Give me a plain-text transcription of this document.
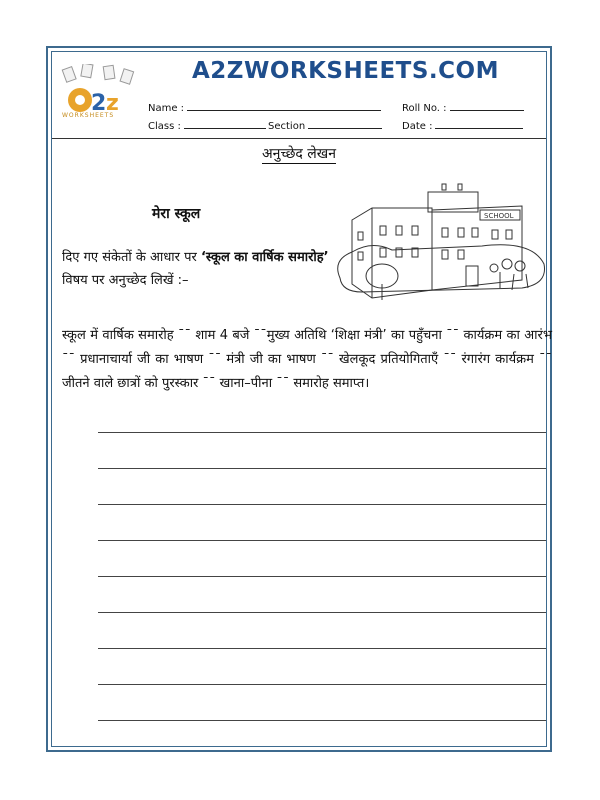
2 z
WORKSHEETS
A2ZWORKSHEETS.COM
Name :	Roll No. :
Class :	Section	Date :
अनुच्छेद लेखन
मेरा स्कूल
दिए गए संकेतों के आधार पर ‘स्कूल का वार्षिक समारोह’ विषय पर अनुच्छेद लिखें :–
SCHOOL
स्कूल में वार्षिक समारोह ¯¯ शाम 4 बजे ¯¯मुख्य अतिथि ‘शिक्षा मंत्री’ का पहुँचना ¯¯ कार्यक्रम का आरंभ ¯¯ प्रधानाचार्या जी का भाषण ¯¯ मंत्री जी का भाषण ¯¯ खेलकूद प्रतियोगिताएँ ¯¯ रंगारंग कार्यक्रम ¯¯ जीतने वाले छात्रों को पुरस्कार ¯¯ खाना–पीना ¯¯ समारोह समाप्त।
